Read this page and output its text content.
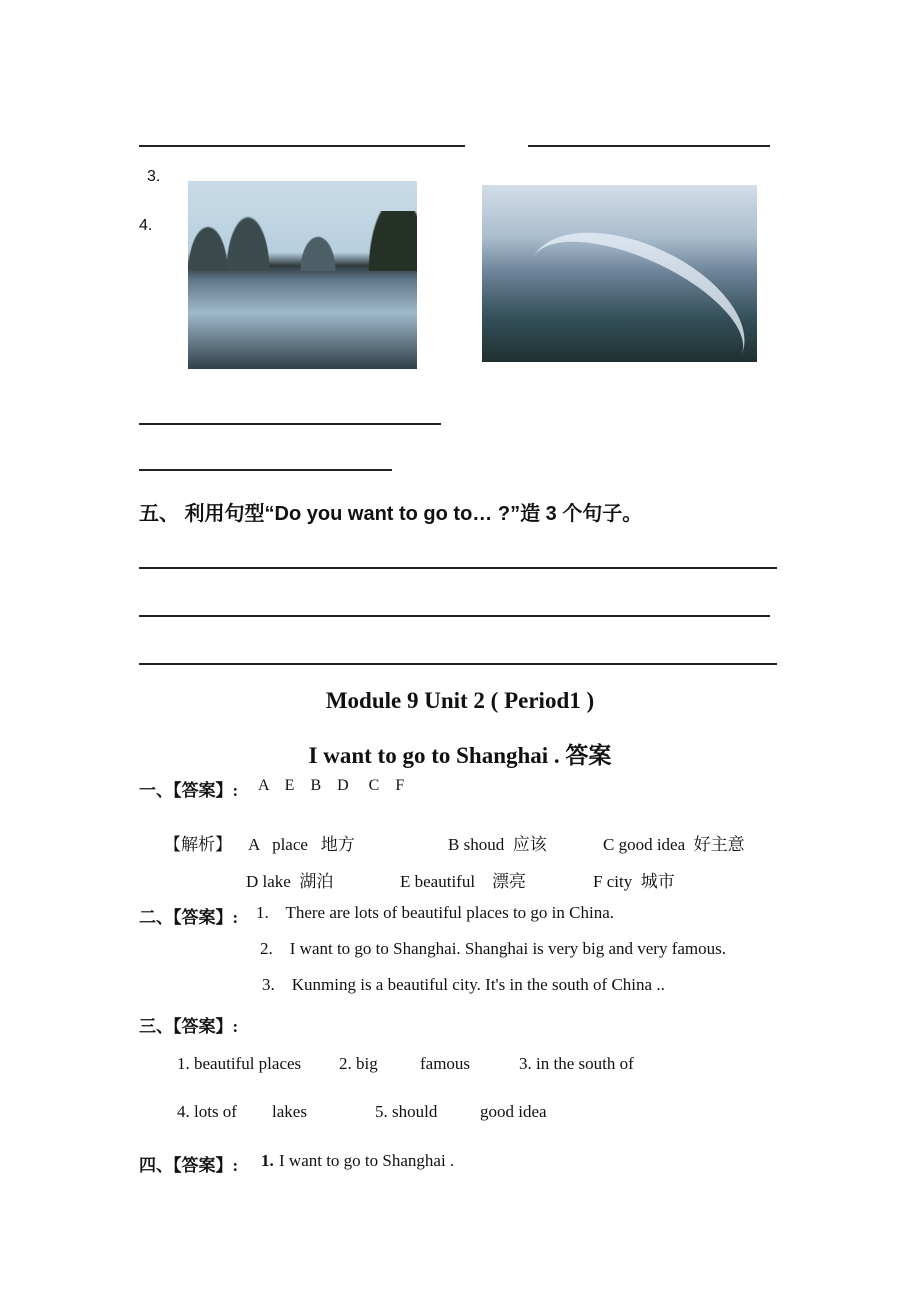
3.
4.
五、 利用句型“Do you want to go to… ?”造 3 个句子。
Module 9 Unit 2 ( Period1 )
I want to go to Shanghai . 答案
一、【答案】: A    E    B    D     C    F
【解析】 A   place   地方	B shoud  应该	C good idea  好主意
D lake  湖泊	E beautiful    漂亮	F city  城市
二、【答案】: 1.    There are lots of beautiful places to go in China.
2.    I want to go to Shanghai. Shanghai is very big and very famous.
3.    Kunming is a beautiful city. It's in the south of China ..
三、【答案】:
1. beautiful places 2. big famous	3. in the south of
4. lots of lakes	5. should	good idea
四、【答案】: 1. I want to go to Shanghai .
